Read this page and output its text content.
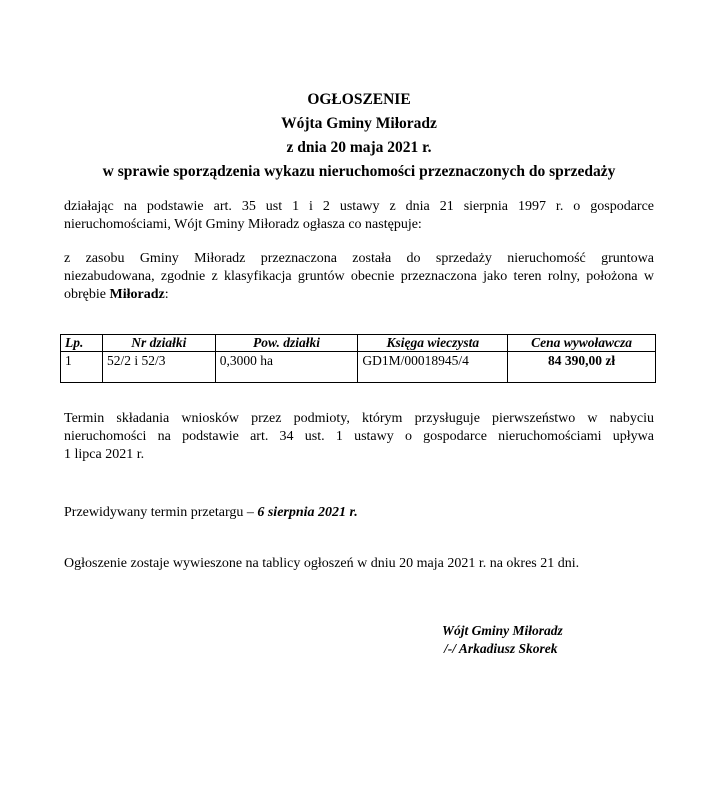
OGŁOSZENIE
Wójta Gminy Miłoradz
z dnia 20 maja 2021 r.
w sprawie sporządzenia wykazu nieruchomości przeznaczonych do sprzedaży
działając na podstawie art. 35 ust 1 i 2 ustawy z dnia 21 sierpnia 1997 r. o gospodarce
nieruchomościami, Wójt Gminy Miłoradz ogłasza co następuje:
z zasobu Gminy Miłoradz przeznaczona została do sprzedaży nieruchomość gruntowa
niezabudowana, zgodnie z klasyfikacja gruntów obecnie przeznaczona jako teren rolny, położona w
obrębie Miłoradz:
Lp.	Nr działki	Pow. działki	Księga wieczysta	Cena wywoławcza
1	52/2 i 52/3	0,3000 ha	GD1M/00018945/4	84 390,00 zł
Termin składania wniosków przez podmioty, którym przysługuje pierwszeństwo w nabyciu
nieruchomości na podstawie art. 34 ust. 1 ustawy o gospodarce nieruchomościami upływa
1 lipca 2021 r.
Przewidywany termin przetargu – 6 sierpnia 2021 r.
Ogłoszenie zostaje wywieszone na tablicy ogłoszeń w dniu 20 maja 2021 r. na okres 21 dni.
Wójt Gminy Miłoradz
/-/ Arkadiusz Skorek
